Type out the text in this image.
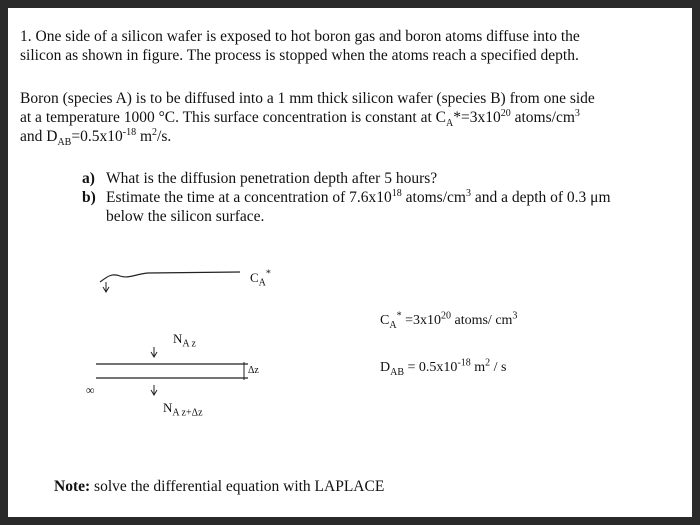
1. One side of a silicon wafer is exposed to hot boron gas and boron atoms diffuse into the
silicon as shown in figure. The process is stopped when the atoms reach a specified depth.
Boron (species A) is to be diffused into a 1 mm thick silicon wafer (species B) from one side
at a temperature 1000 °C. This surface concentration is constant at $C_A*=3x10^{20}$ atoms/$cm^3$
and $D_{AB}=0.5x10^{-18}$ $m^2/s$.
a) What is the diffusion penetration depth after 5 hours?
b) Estimate the time at a concentration of $7.6x10^{18}$ atoms/$cm^3$ and a depth of 0.3 μm
below the silicon surface.
$C_A^*$
$N_{A z}$
Δz
∞
$N_{A z+\Delta z}$
$C_A^* =3x10^{20}$ atoms/ $cm^3$
$D_{AB} = 0.5x10^{-18}$ $m^2$ / s
Note: solve the differential equation with LAPLACE
